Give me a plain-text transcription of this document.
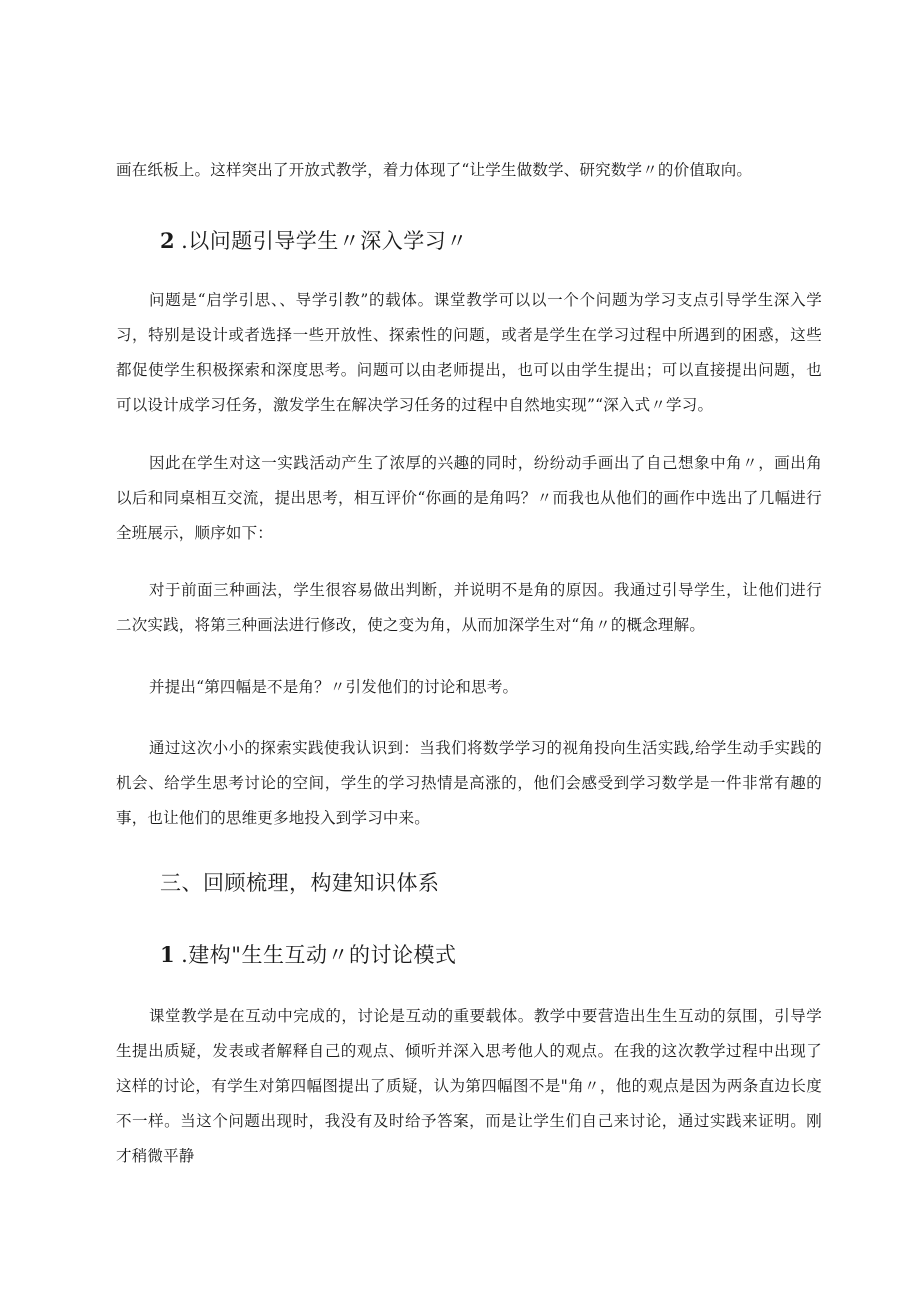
画在纸板上。这样突出了开放式教学，着力体现了“让学生做数学、研究数学〃的价值取向。

2 .以问题引导学生〃深入学习〃

问题是“启学引思、、导学引教”的载体。课堂教学可以以一个个问题为学习支点引导学生深入学习，特别是设计或者选择一些开放性、探索性的问题，或者是学生在学习过程中所遇到的困惑，这些都促使学生积极探索和深度思考。问题可以由老师提出，也可以由学生提出；可以直接提出问题，也可以设计成学习任务，激发学生在解决学习任务的过程中自然地实现”“深入式〃学习。

因此在学生对这一实践活动产生了浓厚的兴趣的同时，纷纷动手画出了自己想象中角〃，画出角以后和同桌相互交流，提出思考，相互评价“你画的是角吗？〃而我也从他们的画作中选出了几幅进行全班展示，顺序如下：

对于前面三种画法，学生很容易做出判断，并说明不是角的原因。我通过引导学生，让他们进行二次实践，将第三种画法进行修改，使之变为角，从而加深学生对“角〃的概念理解。

并提出“第四幅是不是角？〃引发他们的讨论和思考。

通过这次小小的探索实践使我认识到：当我们将数学学习的视角投向生活实践,给学生动手实践的机会、给学生思考讨论的空间，学生的学习热情是高涨的，他们会感受到学习数学是一件非常有趣的事，也让他们的思维更多地投入到学习中来。

三、回顾梳理，构建知识体系
1 .建构"生生互动〃的讨论模式

课堂教学是在互动中完成的，讨论是互动的重要载体。教学中要营造出生生互动的氛围，引导学生提出质疑，发表或者解释自己的观点、倾听并深入思考他人的观点。在我的这次教学过程中出现了这样的讨论，有学生对第四幅图提出了质疑，认为第四幅图不是"角〃，他的观点是因为两条直边长度不一样。当这个问题出现时，我没有及时给予答案，而是让学生们自己来讨论，通过实践来证明。刚才稍微平静
